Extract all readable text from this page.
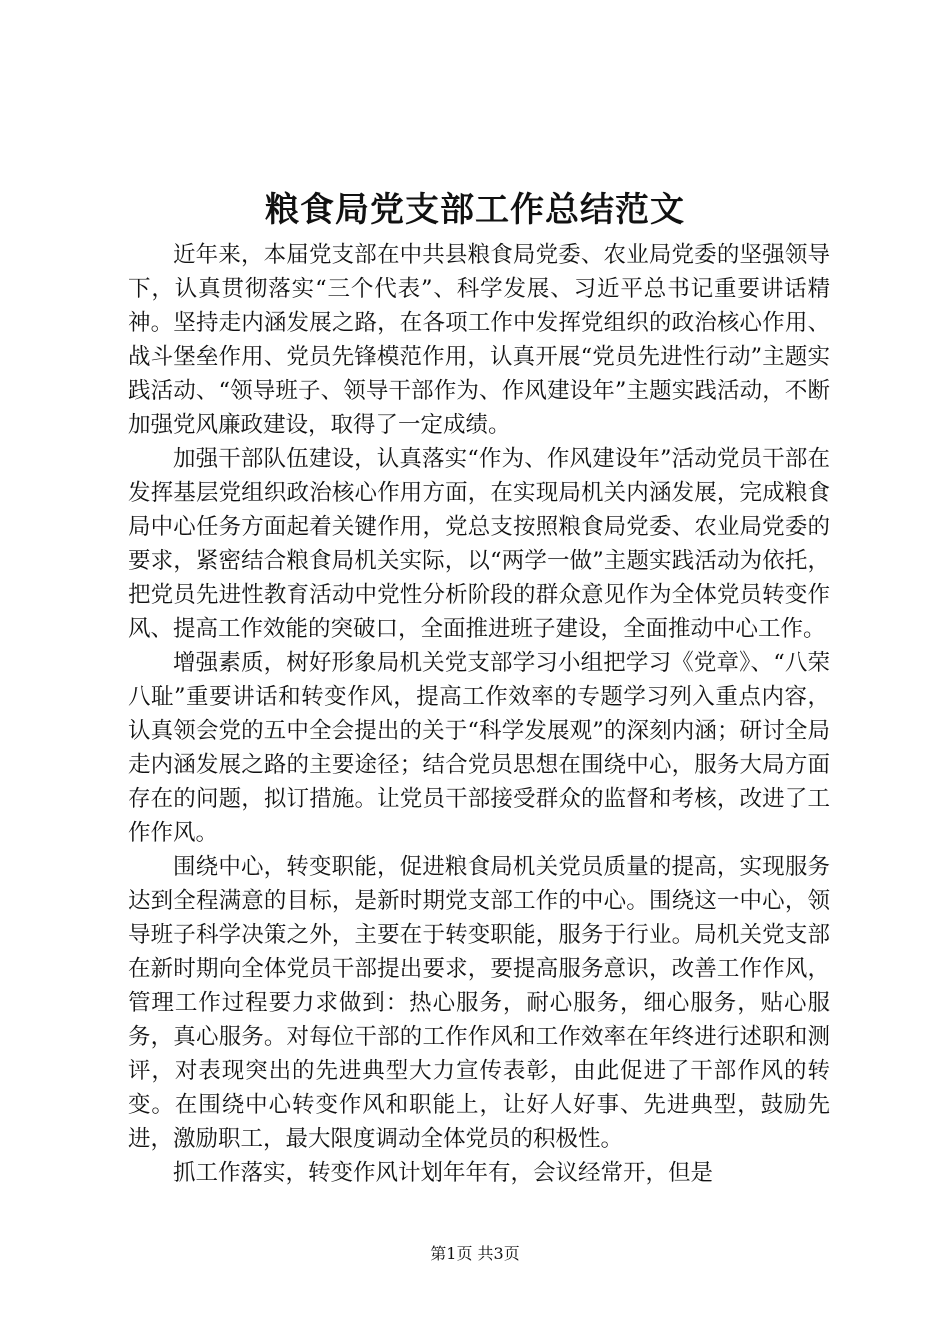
粮食局党支部工作总结范文

近年来，本届党支部在中共县粮食局党委、农业局党委的坚强领导下，认真贯彻落实“三个代表”、科学发展、习近平总书记重要讲话精神。坚持走内涵发展之路，在各项工作中发挥党组织的政治核心作用、战斗堡垒作用、党员先锋模范作用，认真开展“党员先进性行动”主题实践活动、“领导班子、领导干部作为、作风建设年”主题实践活动，不断加强党风廉政建设，取得了一定成绩。

加强干部队伍建设，认真落实“作为、作风建设年”活动党员干部在发挥基层党组织政治核心作用方面，在实现局机关内涵发展，完成粮食局中心任务方面起着关键作用，党总支按照粮食局党委、农业局党委的要求，紧密结合粮食局机关实际，以“两学一做”主题实践活动为依托，把党员先进性教育活动中党性分析阶段的群众意见作为全体党员转变作风、提高工作效能的突破口，全面推进班子建设，全面推动中心工作。

增强素质，树好形象局机关党支部学习小组把学习《党章》、“八荣八耻”重要讲话和转变作风，提高工作效率的专题学习列入重点内容，认真领会党的五中全会提出的关于“科学发展观”的深刻内涵；研讨全局走内涵发展之路的主要途径；结合党员思想在围绕中心，服务大局方面存在的问题，拟订措施。让党员干部接受群众的监督和考核，改进了工作作风。

围绕中心，转变职能，促进粮食局机关党员质量的提高，实现服务达到全程满意的目标，是新时期党支部工作的中心。围绕这一中心，领导班子科学决策之外，主要在于转变职能，服务于行业。局机关党支部在新时期向全体党员干部提出要求，要提高服务意识，改善工作作风，管理工作过程要力求做到：热心服务，耐心服务，细心服务，贴心服务，真心服务。对每位干部的工作作风和工作效率在年终进行述职和测评，对表现突出的先进典型大力宣传表彰，由此促进了干部作风的转变。在围绕中心转变作风和职能上，让好人好事、先进典型，鼓励先进，激励职工，最大限度调动全体党员的积极性。

抓工作落实，转变作风计划年年有，会议经常开，但是

第1页 共3页
